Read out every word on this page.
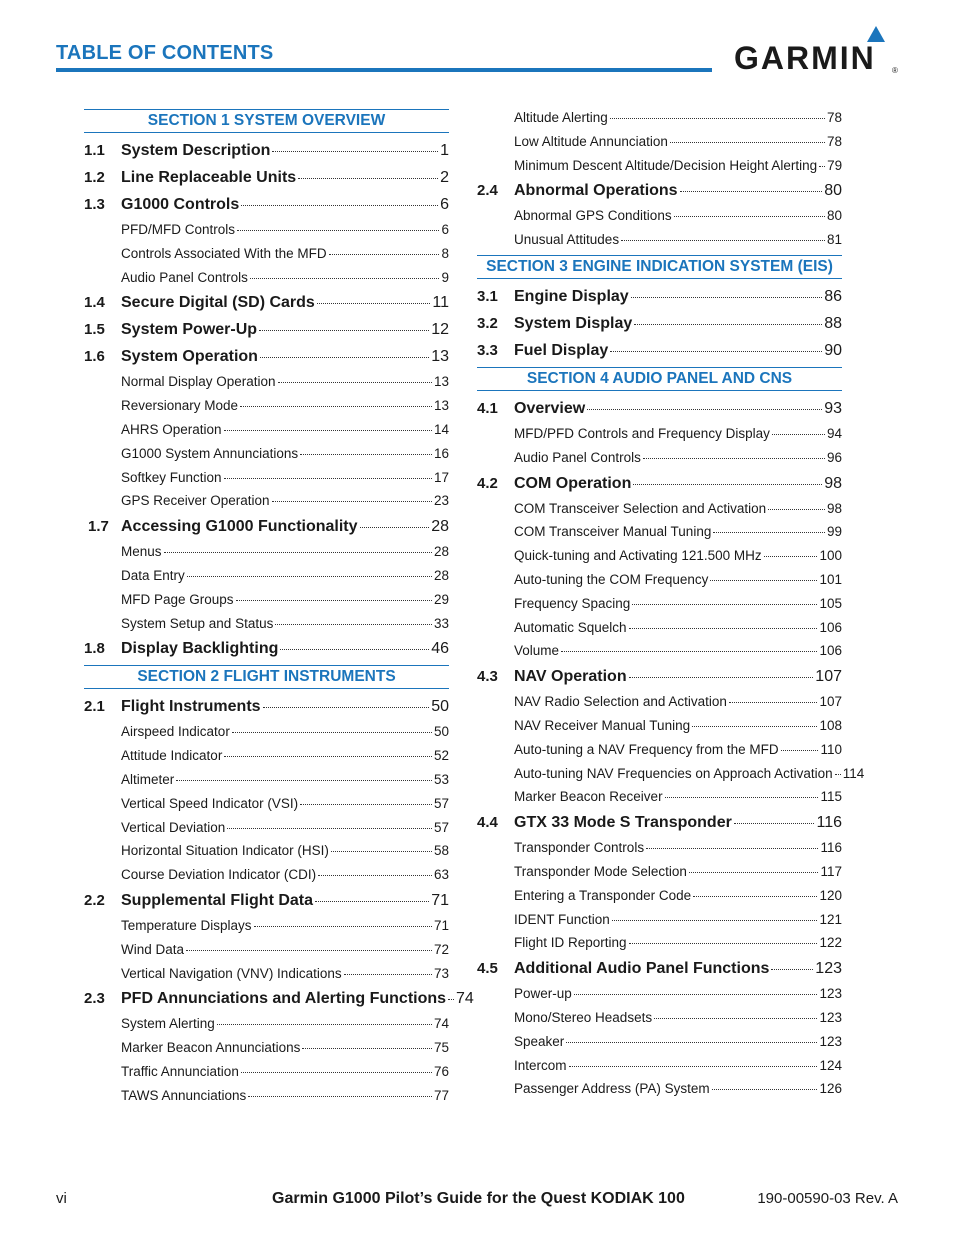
TABLE OF CONTENTS	GARMIN ®
SECTION 1 SYSTEM OVERVIEW
1.1	System Description	1
1.2	Line Replaceable Units	2
1.3	G1000 Controls	6
PFD/MFD Controls	6
Controls Associated With the MFD	8
Audio Panel Controls	9
1.4	Secure Digital (SD) Cards	11
1.5	System Power-Up	12
1.6	System Operation	13
Normal Display Operation	13
Reversionary Mode	13
AHRS Operation	14
G1000 System Annunciations	16
Softkey Function	17
GPS Receiver Operation	23
1.7 Accessing G1000 Functionality	28
Menus	28
Data Entry	28
MFD Page Groups	29
System Setup and Status	33
1.8	Display Backlighting	46
SECTION 2 FLIGHT INSTRUMENTS
2.1	Flight Instruments	50
Airspeed Indicator	50
Attitude Indicator	52
Altimeter	53
Vertical Speed Indicator (VSI)	57
Vertical Deviation	57
Horizontal Situation Indicator (HSI)	58
Course Deviation Indicator (CDI)	63
2.2	Supplemental Flight Data	71
Temperature Displays	71
Wind Data	72
Vertical Navigation (VNV) Indications	73
2.3	PFD Annunciations and Alerting Functions 74
System Alerting	74
Marker Beacon Annunciations	75
Traffic Annunciation	76
TAWS Annunciations	77
Altitude Alerting	78
Low Altitude Annunciation	78
Minimum Descent Altitude/Decision Height Alerting 79
2.4	Abnormal Operations	80
Abnormal GPS Conditions	80
Unusual Attitudes	81
SECTION 3 ENGINE INDICATION SYSTEM (EIS)
3.1	Engine Display	86
3.2	System Display	88
3.3	Fuel Display	90
SECTION 4 AUDIO PANEL AND CNS
4.1	Overview	93
MFD/PFD Controls and Frequency Display	94
Audio Panel Controls	96
4.2	COM Operation	98
COM Transceiver Selection and Activation	98
COM Transceiver Manual Tuning	99
Quick-tuning and Activating 121.500 MHz	100
Auto-tuning the COM Frequency	101
Frequency Spacing	105
Automatic Squelch	106
Volume	106
4.3	NAV Operation	107
NAV Radio Selection and Activation	107
NAV Receiver Manual Tuning	108
Auto-tuning a NAV Frequency from the MFD	110
Auto-tuning NAV Frequencies on Approach Activation 114
Marker Beacon Receiver	115
4.4	GTX 33 Mode S Transponder	116
Transponder Controls	116
Transponder Mode Selection	117
Entering a Transponder Code	120
IDENT Function	121
Flight ID Reporting	122
4.5	Additional Audio Panel Functions	123
Power-up	123
Mono/Stereo Headsets	123
Speaker	123
Intercom	124
Passenger Address (PA) System	126
vi	Garmin G1000 Pilot’s Guide for the Quest KODIAK 100	190-00590-03 Rev. A
